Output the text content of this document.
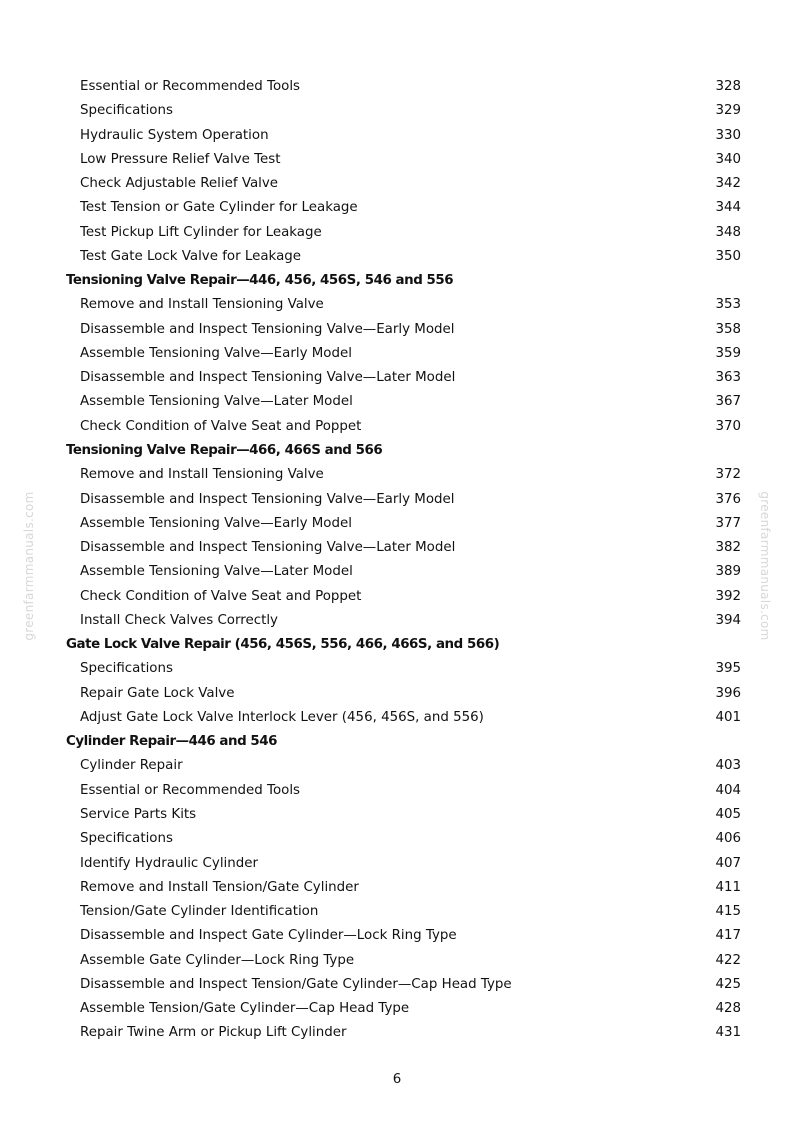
greenfarmmanuals.com	greenfarmmanuals.com
Essential or Recommended Tools	328
Specifications	329
Hydraulic System Operation	330
Low Pressure Relief Valve Test	340
Check Adjustable Relief Valve	342
Test Tension or Gate Cylinder for Leakage	344
Test Pickup Lift Cylinder for Leakage	348
Test Gate Lock Valve for Leakage	350
Tensioning Valve Repair—446, 456, 456S, 546 and 556
Remove and Install Tensioning Valve	353
Disassemble and Inspect Tensioning Valve—Early Model	358
Assemble Tensioning Valve—Early Model	359
Disassemble and Inspect Tensioning Valve—Later Model	363
Assemble Tensioning Valve—Later Model	367
Check Condition of Valve Seat and Poppet	370
Tensioning Valve Repair—466, 466S and 566
Remove and Install Tensioning Valve	372
Disassemble and Inspect Tensioning Valve—Early Model	376
Assemble Tensioning Valve—Early Model	377
Disassemble and Inspect Tensioning Valve—Later Model	382
Assemble Tensioning Valve—Later Model	389
Check Condition of Valve Seat and Poppet	392
Install Check Valves Correctly	394
Gate Lock Valve Repair (456, 456S, 556, 466, 466S, and 566)
Specifications	395
Repair Gate Lock Valve	396
Adjust Gate Lock Valve Interlock Lever (456, 456S, and 556)	401
Cylinder Repair—446 and 546
Cylinder Repair	403
Essential or Recommended Tools	404
Service Parts Kits	405
Specifications	406
Identify Hydraulic Cylinder	407
Remove and Install Tension/Gate Cylinder	411
Tension/Gate Cylinder Identification	415
Disassemble and Inspect Gate Cylinder—Lock Ring Type	417
Assemble Gate Cylinder—Lock Ring Type	422
Disassemble and Inspect Tension/Gate Cylinder—Cap Head Type	425
Assemble Tension/Gate Cylinder—Cap Head Type	428
Repair Twine Arm or Pickup Lift Cylinder	431
6
